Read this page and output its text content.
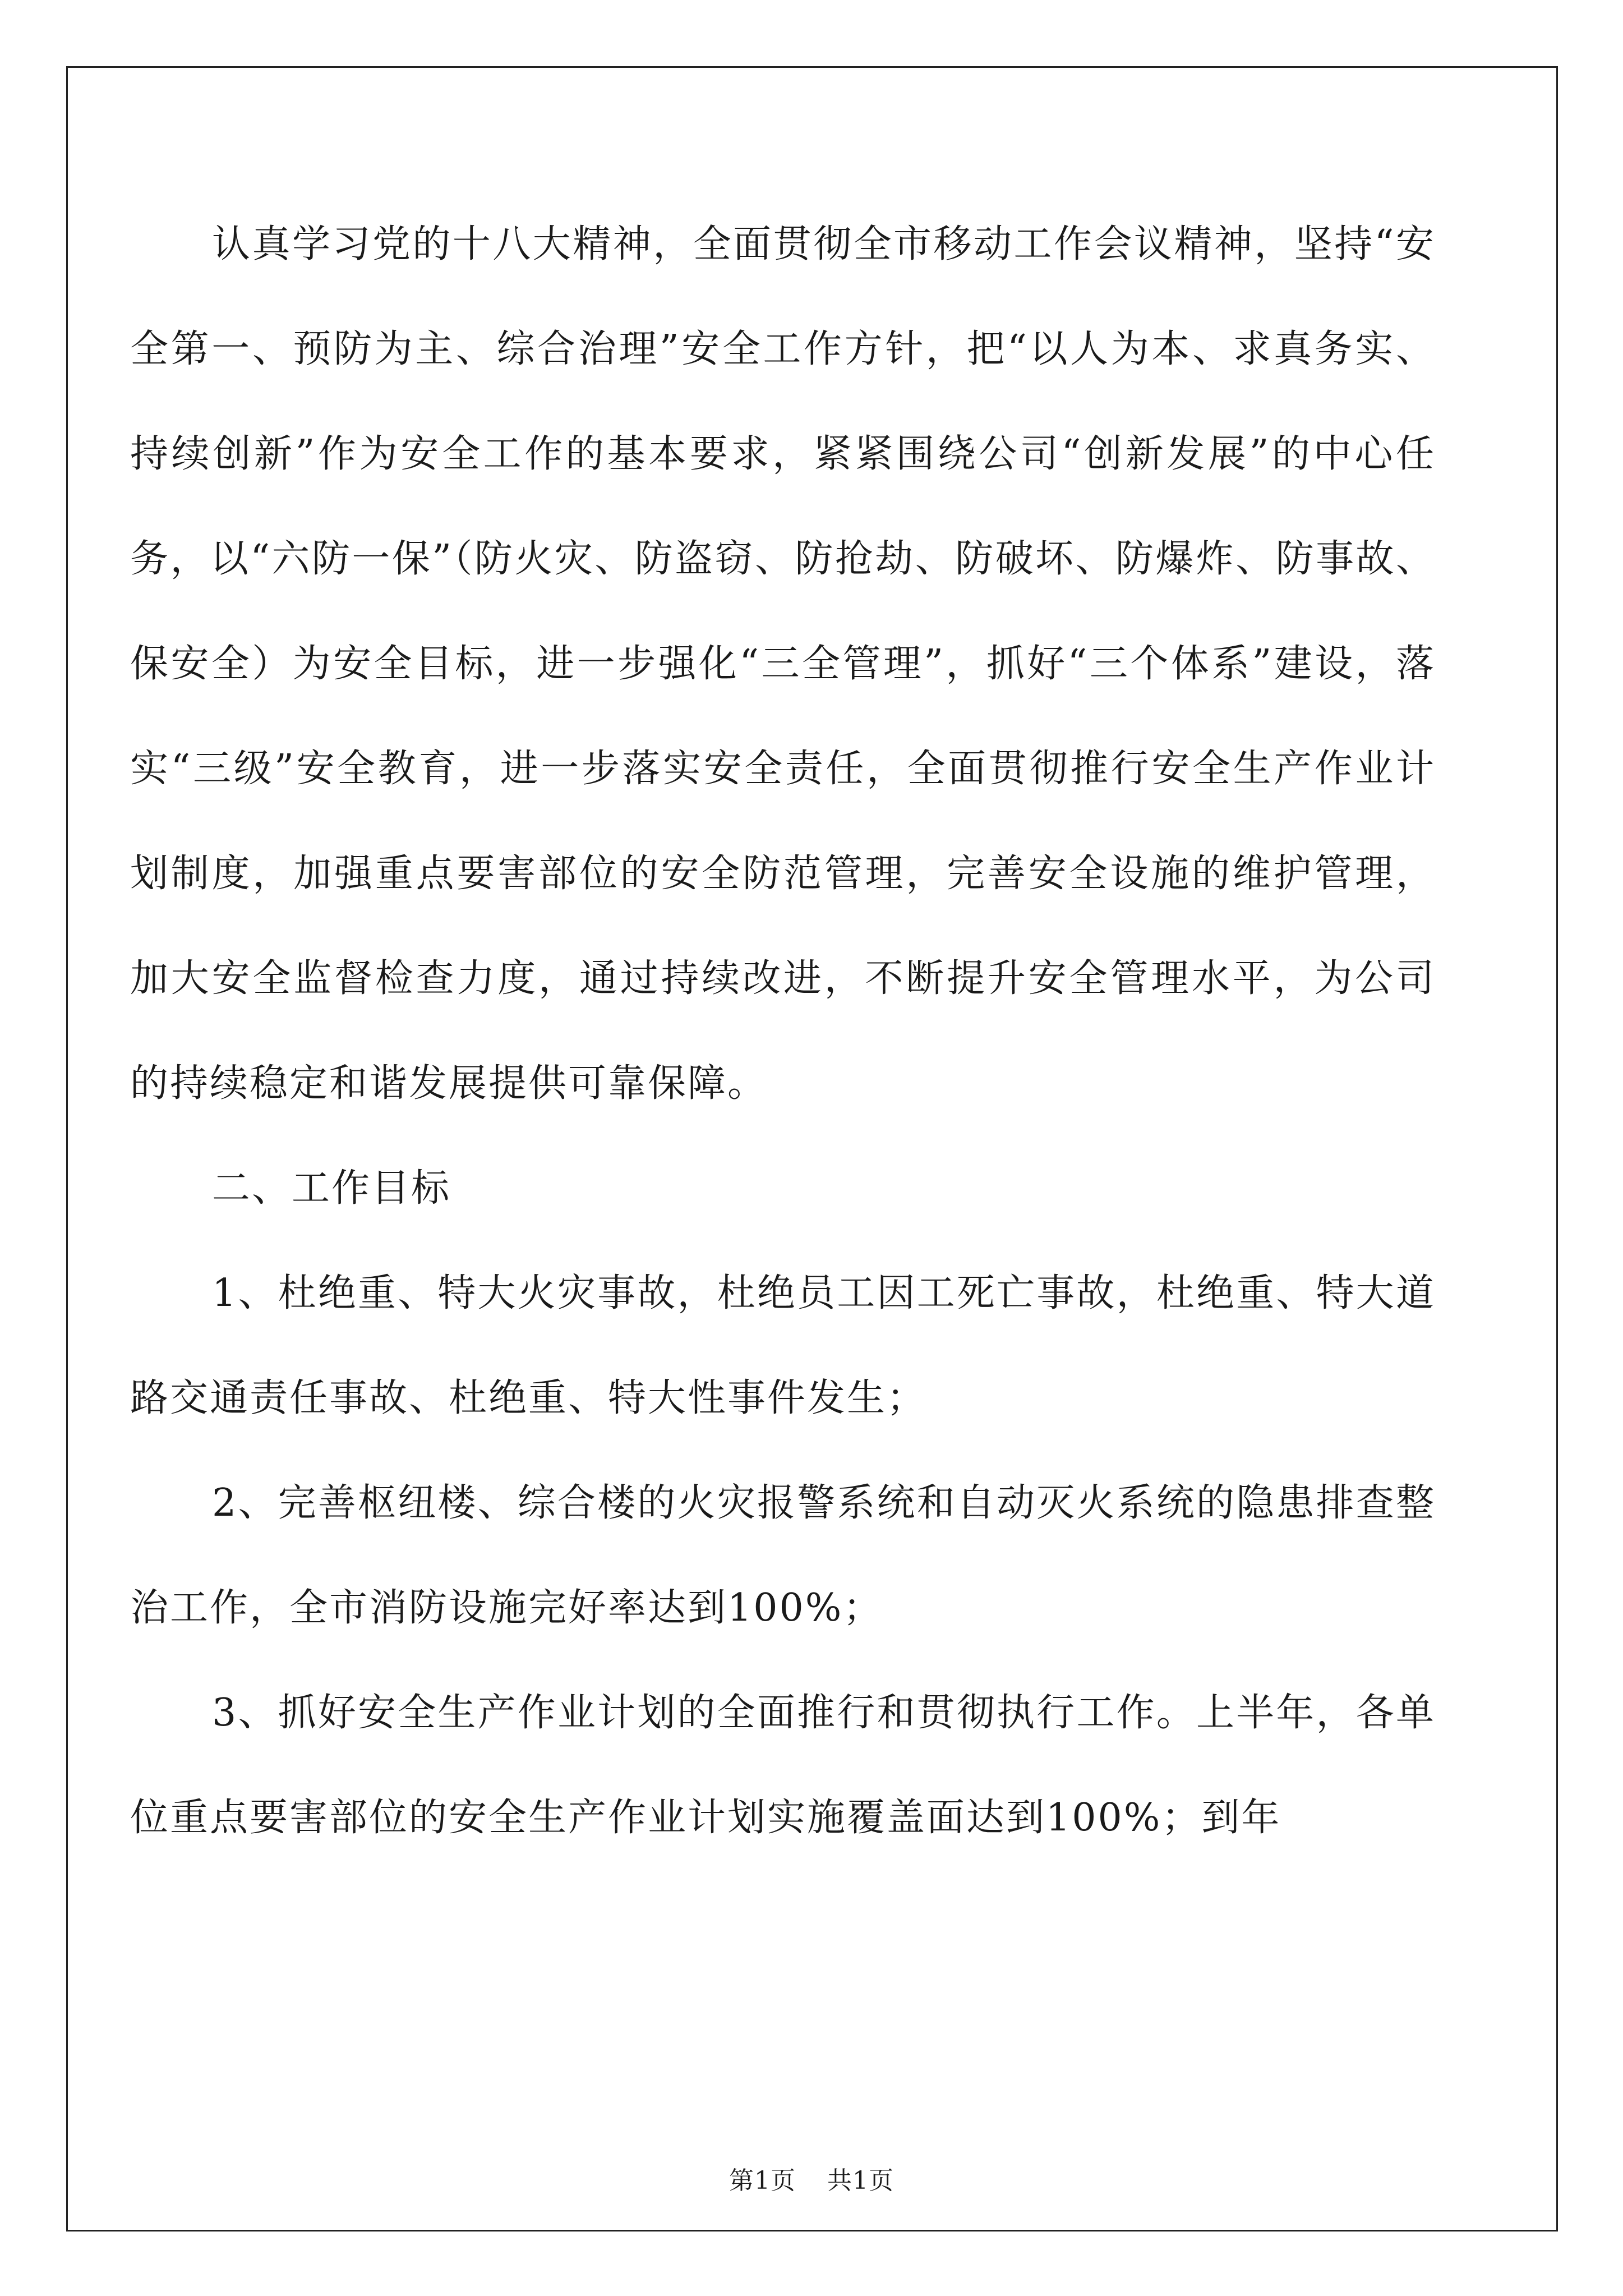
认真学习党的十八大精神，全面贯彻全市移动工作会议精神，坚持“安全第一、预防为主、综合治理”安全工作方针，把“以人为本、求真务实、持续创新”作为安全工作的基本要求，紧紧围绕公司“创新发展”的中心任务，以“六防一保”（防火灾、防盗窃、防抢劫、防破坏、防爆炸、防事故、保安全）为安全目标，进一步强化“三全管理”，抓好“三个体系”建设，落实“三级”安全教育，进一步落实安全责任，全面贯彻推行安全生产作业计划制度，加强重点要害部位的安全防范管理，完善安全设施的维护管理，加大安全监督检查力度，通过持续改进，不断提升安全管理水平，为公司的持续稳定和谐发展提供可靠保障。

二、工作目标

1、杜绝重、特大火灾事故，杜绝员工因工死亡事故，杜绝重、特大道路交通责任事故、杜绝重、特大性事件发生；

2、完善枢纽楼、综合楼的火灾报警系统和自动灭火系统的隐患排查整治工作，全市消防设施完好率达到100%；

3、抓好安全生产作业计划的全面推行和贯彻执行工作。上半年，各单位重点要害部位的安全生产作业计划实施覆盖面达到100%；到年

第1页 共1页
